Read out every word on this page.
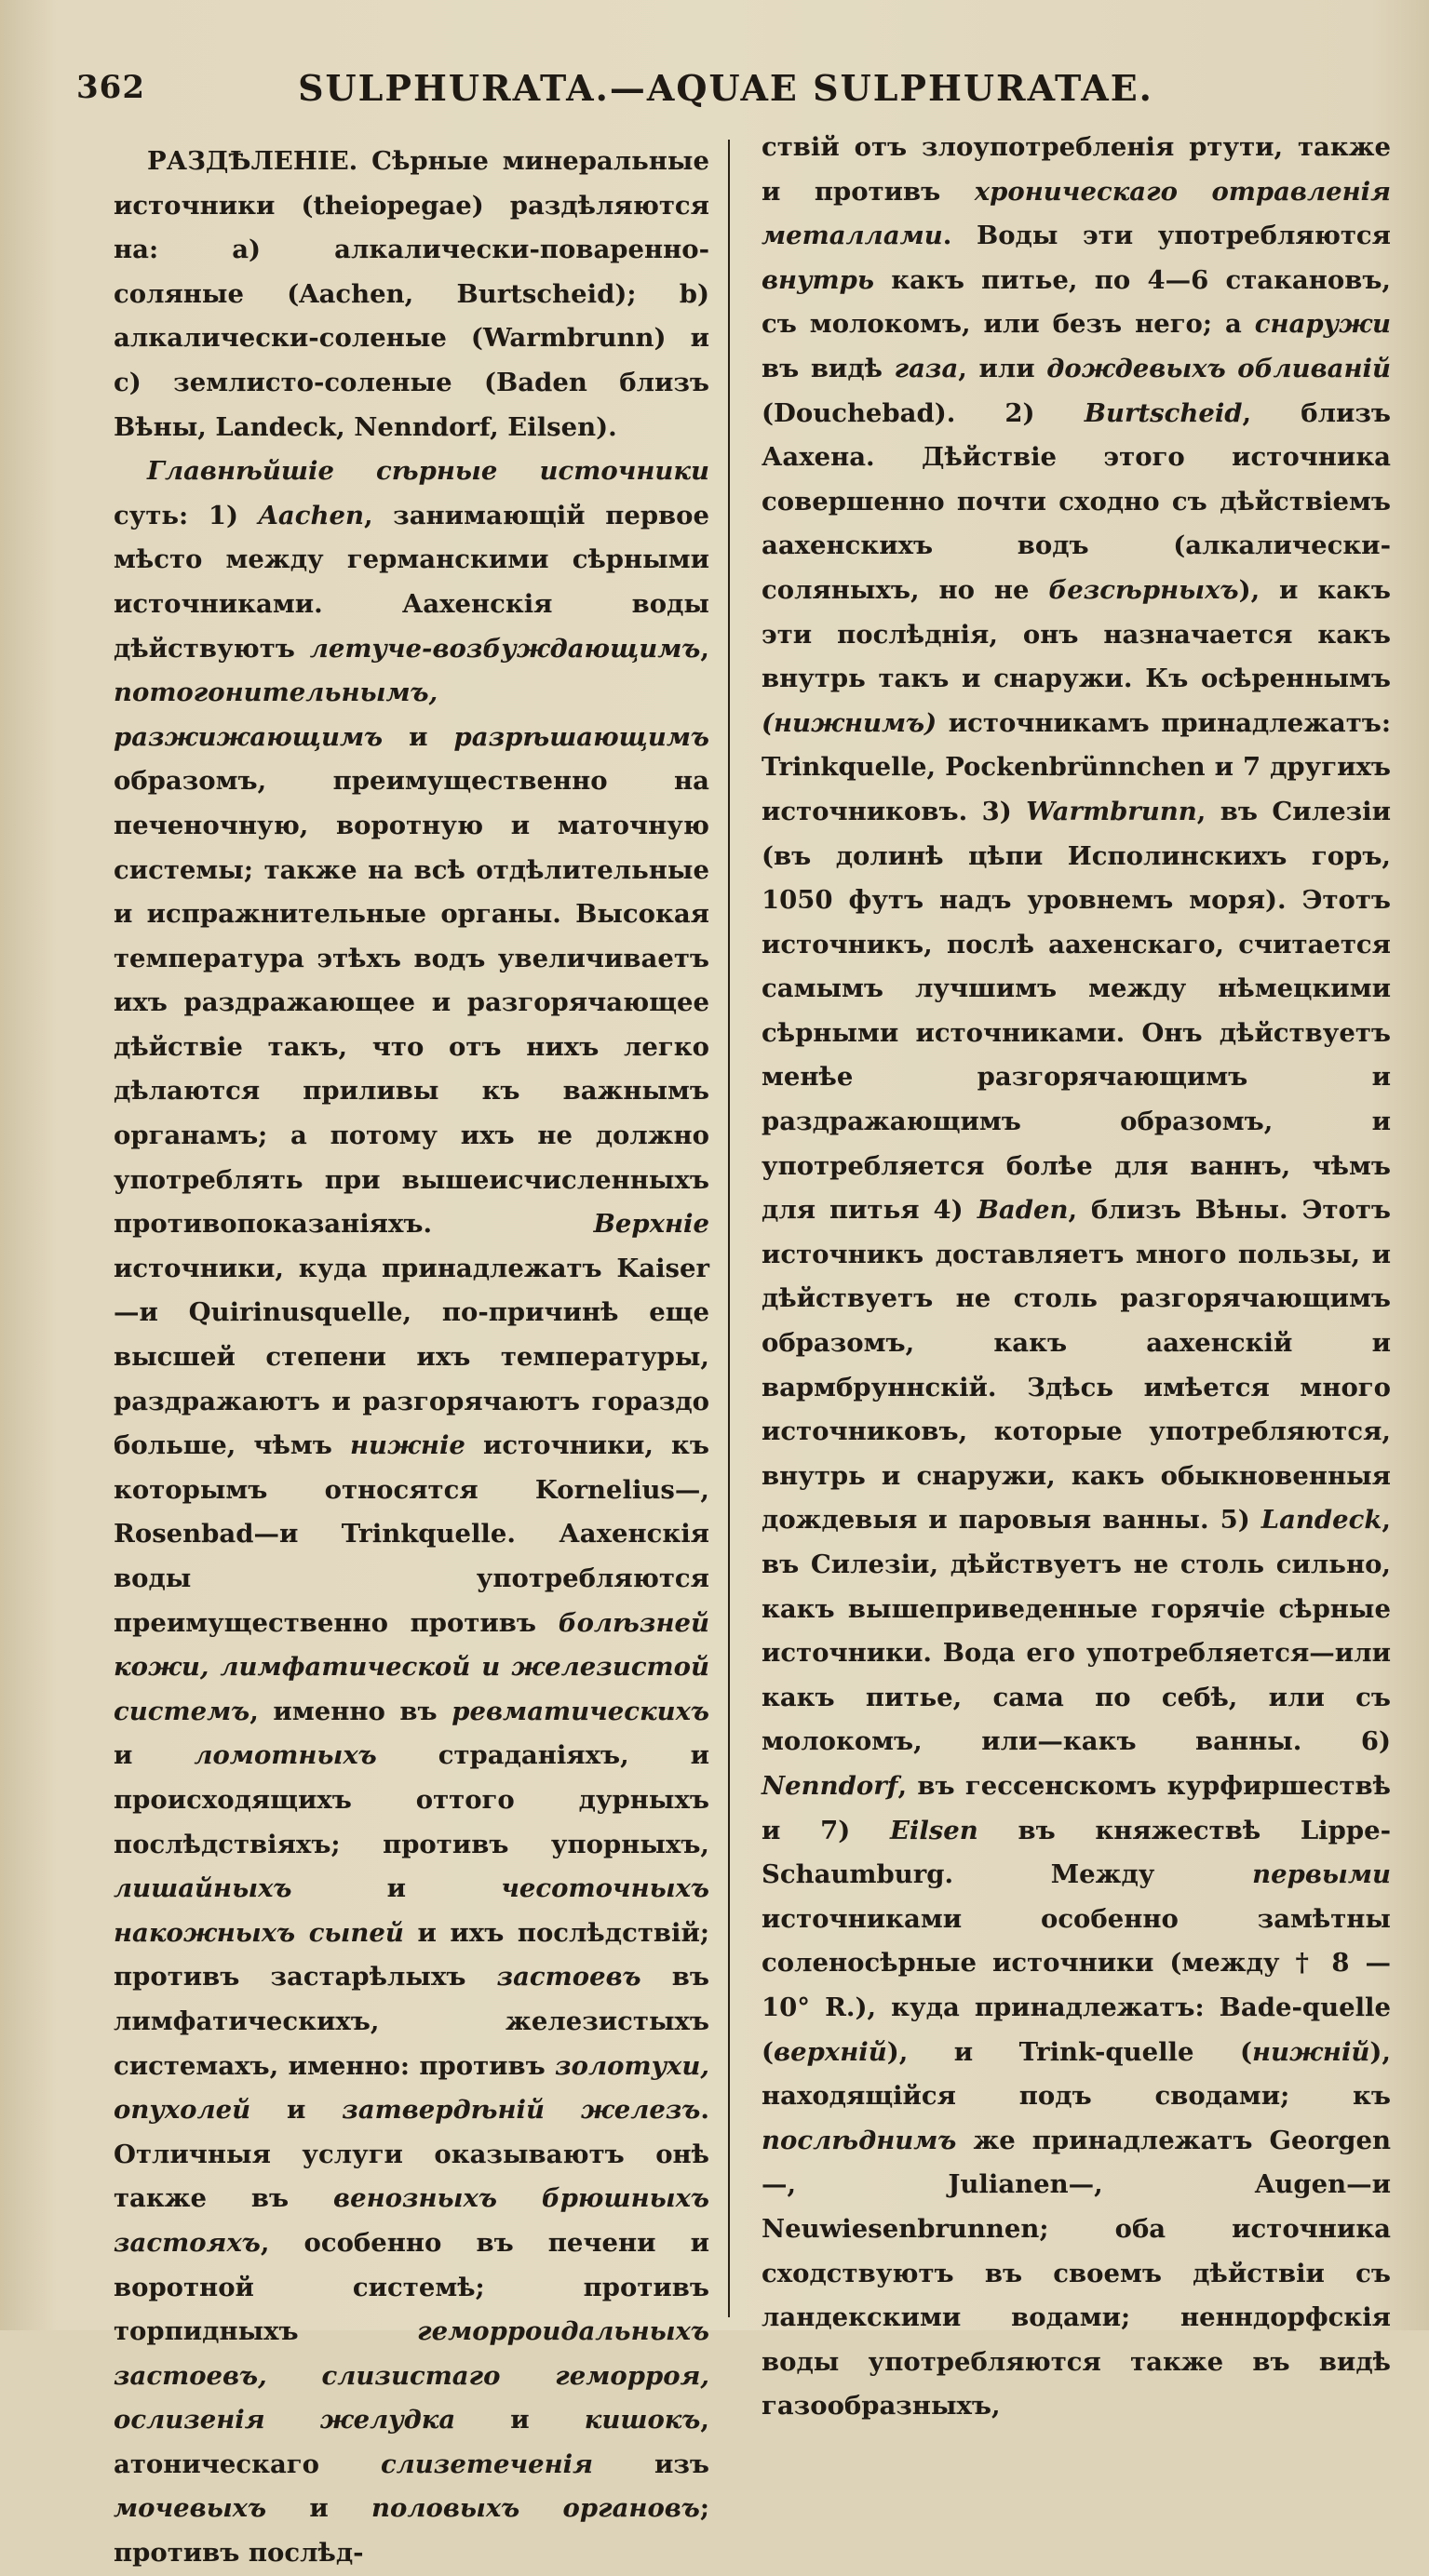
362	SULPHURATA.—AQUAE SULPHURATAE.

РАЗДѢЛЕНІЕ. Сѣрные минеральные источники (theiopegae) раздѣляются на: а) алкалически-поваренно-соляные (Aachen, Burtscheid); b) алкалически-соленые (Warmbrunn) и c) землисто-соленые (Baden близъ Вѣны, Landeck, Nenndorf, Eilsen).

Главнѣйшіе сѣрные источники суть: 1) Aachen, занимающій первое мѣсто между германскими сѣрными источниками. Аахенскія воды дѣйствуютъ летуче-возбуждающимъ, потогонительнымъ, разжижающимъ и разрѣшающимъ образомъ, преимущественно на печеночную, воротную и маточную системы; также на всѣ отдѣлительные и испражнительные органы. Высокая температура этѣхъ водъ увеличиваетъ ихъ раздражающее и разгорячающее дѣйствіе такъ, что отъ нихъ легко дѣлаются приливы къ важнымъ органамъ; а потому ихъ не должно употреблять при вышеисчисленныхъ противопоказаніяхъ. Верхніе источники, куда принадлежатъ Kaiser—и Quirinusquelle, по-причинѣ еще высшей степени ихъ температуры, раздражаютъ и разгорячаютъ гораздо больше, чѣмъ нижніе источники, къ которымъ относятся Kornelius—, Rosenbad—и Trinkquelle. Аахенскія воды употребляются преимущественно противъ болѣзней кожи, лимфатической и железистой системъ, именно въ ревматическихъ и ломотныхъ страданіяхъ, и происходящихъ оттого дурныхъ послѣдствіяхъ; противъ упорныхъ, лишайныхъ и чесоточныхъ накожныхъ сыпей и ихъ послѣдствій; противъ застарѣлыхъ застоевъ въ лимфатическихъ, железистыхъ системахъ, именно: противъ золотухи, опухолей и затвердѣній железъ. Отличныя услуги оказываютъ онѣ также въ венозныхъ брюшныхъ застояхъ, особенно въ печени и воротной системѣ; противъ торпидныхъ геморроидальныхъ застоевъ, слизистаго геморроя, ослизенія желудка и кишокъ, атоническаго слизетеченія изъ мочевыхъ и половыхъ органовъ; противъ послѣд-

ствій отъ злоупотребленія ртути, также и противъ хроническаго отравленія металлами. Воды эти употребляются внутрь какъ питье, по 4—6 стакановъ, съ молокомъ, или безъ него; а снаружи въ видѣ газа, или дождевыхъ обливаній (Douchebad). 2) Burtscheid, близъ Аахена. Дѣйствіе этого источника совершенно почти сходно съ дѣйствіемъ аахенскихъ водъ (алкалически-соляныхъ, но не безсѣрныхъ), и какъ эти послѣднія, онъ назначается какъ внутрь такъ и снаружи. Къ осѣреннымъ (нижнимъ) источникамъ принадлежатъ: Trinkquelle, Pockenbrünnchen и 7 другихъ источниковъ. 3) Warmbrunn, въ Силезіи (въ долинѣ цѣпи Исполинскихъ горъ, 1050 футъ надъ уровнемъ моря). Этотъ источникъ, послѣ аахенскаго, считается самымъ лучшимъ между нѣмецкими сѣрными источниками. Онъ дѣйствуетъ менѣе разгорячающимъ и раздражающимъ образомъ, и употребляется болѣе для ваннъ, чѣмъ для питья 4) Baden, близъ Вѣны. Этотъ источникъ доставляетъ много пользы, и дѣйствуетъ не столь разгорячающимъ образомъ, какъ аахенскій и вармбруннскій. Здѣсь имѣется много источниковъ, которые употребляются, внутрь и снаружи, какъ обыкновенныя дождевыя и паровыя ванны. 5) Landeck, въ Силезіи, дѣйствуетъ не столь сильно, какъ вышеприведенные горячіе сѣрные источники. Вода его употребляется—или какъ питье, сама по себѣ, или съ молокомъ, или—какъ ванны. 6) Nenndorf, въ гессенскомъ курфиршествѣ и 7) Eilsen въ княжествѣ Lippe-Schaumburg. Между первыми источниками особенно замѣтны соленосѣрные источники (между † 8 — 10° R.), куда принадлежатъ: Bade-quelle (верхній), и Trink-quelle (нижній), находящійся подъ сводами; къ послѣднимъ же принадлежатъ Georgen—, Julianen—, Augen—и Neuwiesenbrunnen; оба источника сходствуютъ въ своемъ дѣйствіи съ ландекскими водами; ненндорфскія воды употребляются также въ видѣ газообразныхъ,
